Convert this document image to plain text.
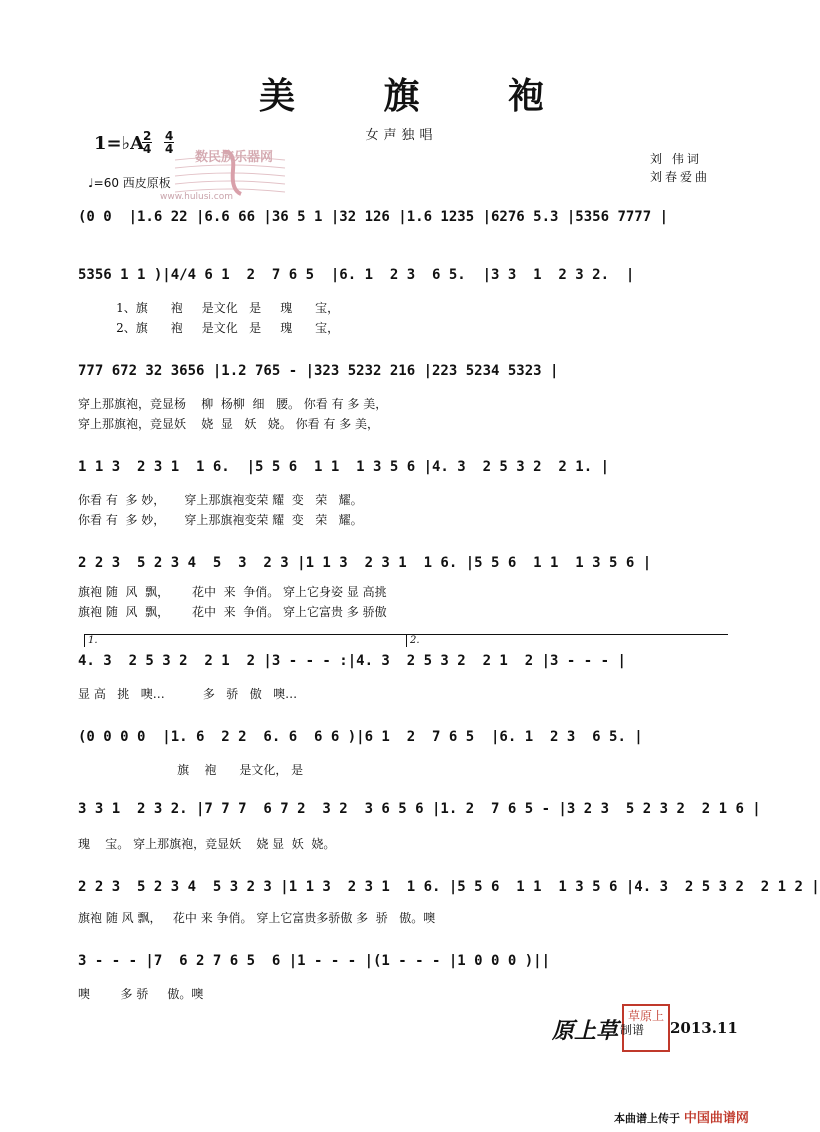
美 旗 袍
女声独唱
1=♭A
2
4
4
4
数民族乐器网
www.hulusi.com
♩=60 西皮原板
刘 伟词
刘春爱曲
(0 0  |1.6 22 |6.6 66 |36 5 1 |32 126 |1.6 1235 |6276 5.3 |5356 7777 |
5356 1 1 )|4/4 6 1  2  7 6 5  |6. 1  2 3  6 5.  |3 3  1  2 3 2.  |
1、旗      袍     是文化   是     瑰      宝，
2、旗      袍     是文化   是     瑰      宝，
777 672 32 3656 |1.2 765 - |323 5232 216 |223 5234 5323 |
穿上那旗袍，竞显杨    柳  杨柳  细   腰。 你看 有 多 美，
穿上那旗袍，竞显妖    娆  显   妖   娆。 你看 有 多 美，
1 1 3  2 3 1  1 6.  |5 5 6  1 1  1 3 5 6 |4. 3  2 5 3 2  2 1. |
你看 有  多 妙，     穿上那旗袍变荣 耀  变   荣   耀。
你看 有  多 妙，     穿上那旗袍变荣 耀  变   荣   耀。
2 2 3  5 2 3 4  5  3  2 3 |1 1 3  2 3 1  1 6. |5 5 6  1 1  1 3 5 6 |
旗袍 随  风  飘，      花中  来  争俏。 穿上它身姿 显 高挑
旗袍 随  风  飘，      花中  来  争俏。 穿上它富贵 多 骄傲
1.	2.
4. 3  2 5 3 2  2 1  2 |3 - - - :|4. 3  2 5 3 2  2 1  2 |3 - - - |
显 高   挑   噢…          多   骄   傲   噢…
(0 0 0 0  |1. 6  2 2  6. 6  6 6 )|6 1  2  7 6 5  |6. 1  2 3  6 5. |
旗    袍      是文化， 是
3 3 1  2 3 2. |7 7 7  6 7 2  3 2  3 6 5 6 |1. 2  7 6 5 - |3 2 3  5 2 3 2  2 1 6 |
瑰    宝。 穿上那旗袍，竞显妖    娆 显  妖  娆。
2 2 3  5 2 3 4  5 3 2 3 |1 1 3  2 3 1  1 6. |5 5 6  1 1  1 3 5 6 |4. 3  2 5 3 2  2 1 2 |
旗袍 随 风 飘，   花中 来 争俏。 穿上它富贵多骄傲 多  骄   傲。噢
3 - - - |7  6 2 7 6 5  6 |1 - - - |(1 - - - |1 0 0 0 )||
噢        多 骄     傲。噢
原上草
草原上
制谱 2013.11
本曲谱上传于 中国曲谱网
